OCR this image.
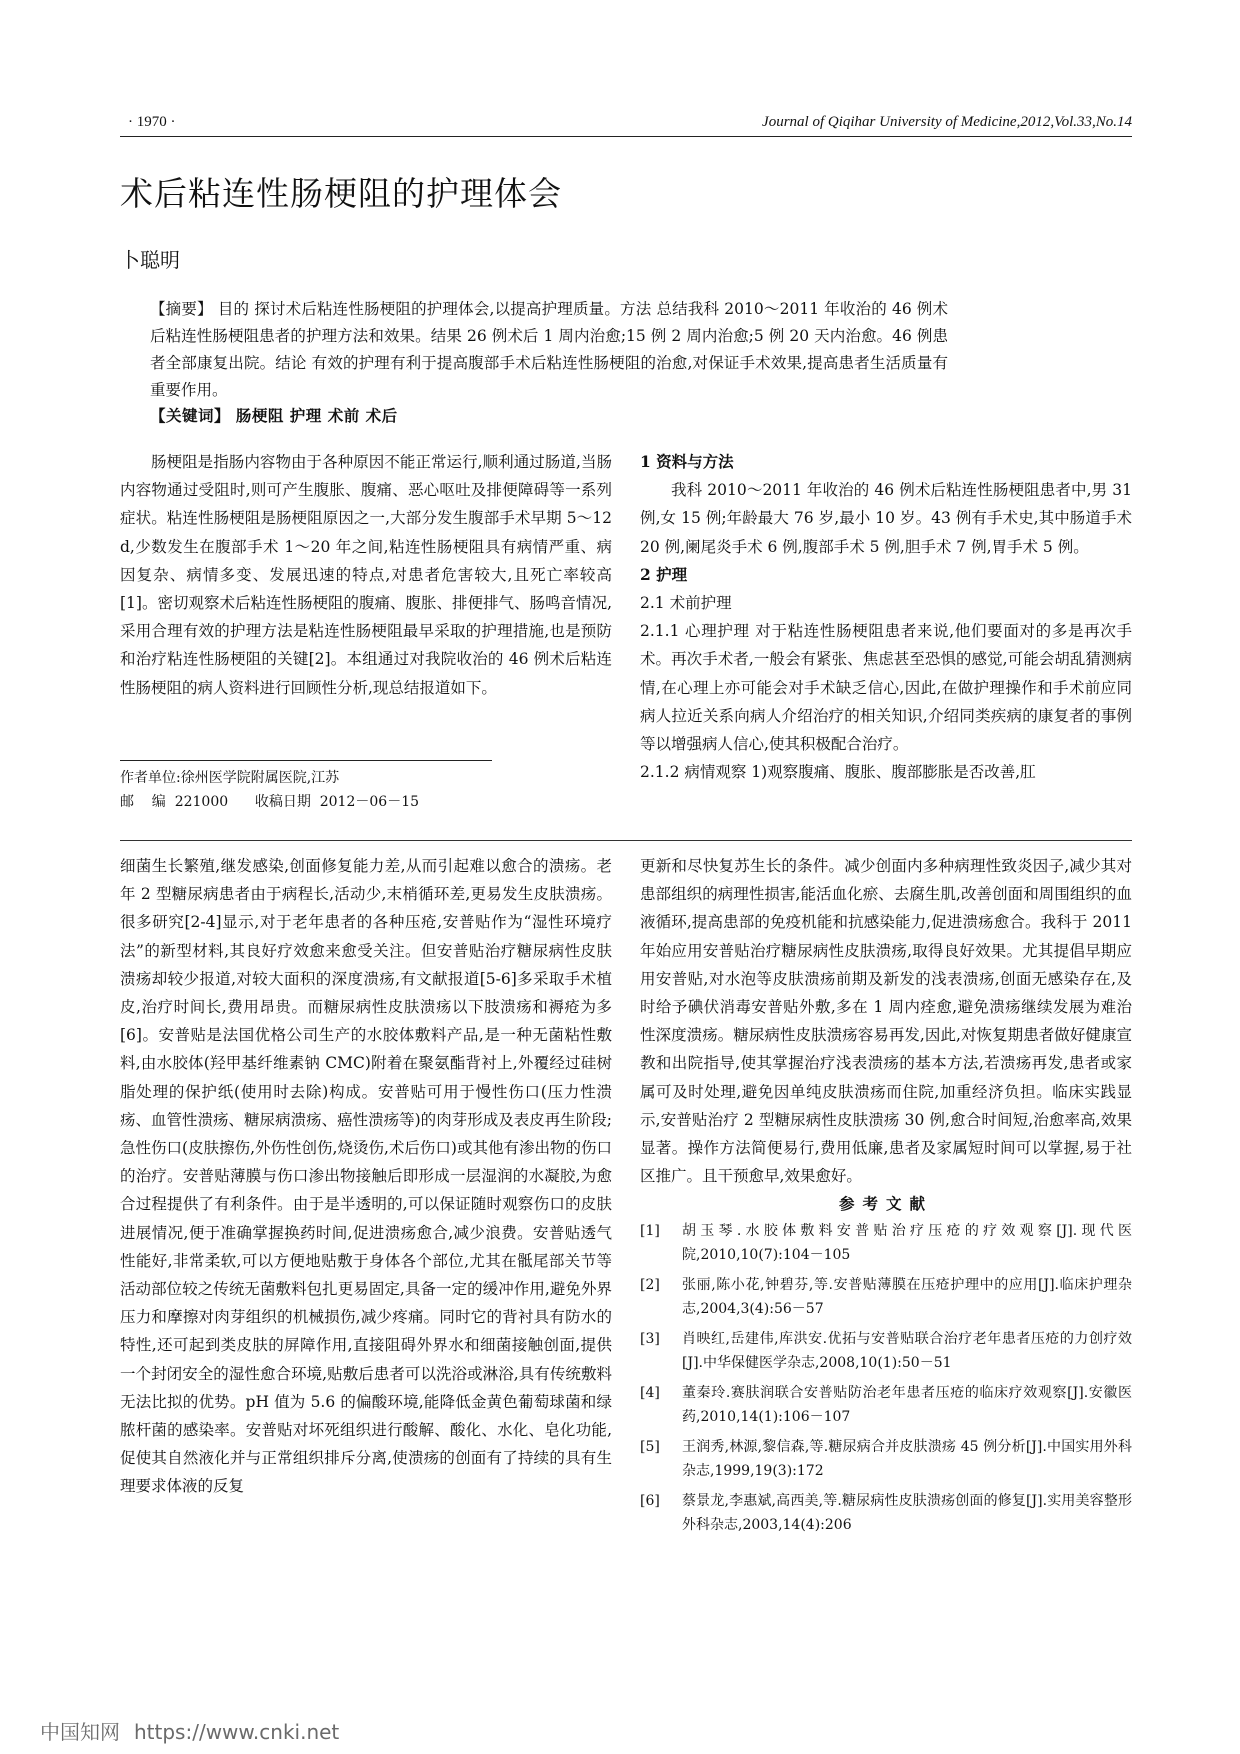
· 1970 ·	Journal of Qiqihar University of Medicine,2012,Vol.33,No.14
术后粘连性肠梗阻的护理体会
卜聪明
【摘要】 目的 探讨术后粘连性肠梗阻的护理体会,以提高护理质量。方法 总结我科 2010～2011 年收治的 46 例术后粘连性肠梗阻患者的护理方法和效果。结果 26 例术后 1 周内治愈;15 例 2 周内治愈;5 例 20 天内治愈。46 例患者全部康复出院。结论 有效的护理有利于提高腹部手术后粘连性肠梗阻的治愈,对保证手术效果,提高患者生活质量有重要作用。
【关键词】 肠梗阻 护理 术前 术后

肠梗阻是指肠内容物由于各种原因不能正常运行,顺利通过肠道,当肠内容物通过受阻时,则可产生腹胀、腹痛、恶心呕吐及排便障碍等一系列症状。粘连性肠梗阻是肠梗阻原因之一,大部分发生腹部手术早期 5～12 d,少数发生在腹部手术 1～20 年之间,粘连性肠梗阻具有病情严重、病因复杂、病情多变、发展迅速的特点,对患者危害较大,且死亡率较高[1]。密切观察术后粘连性肠梗阻的腹痛、腹胀、排便排气、肠鸣音情况,采用合理有效的护理方法是粘连性肠梗阻最早采取的护理措施,也是预防和治疗粘连性肠梗阻的关键[2]。本组通过对我院收治的 46 例术后粘连性肠梗阻的病人资料进行回顾性分析,现总结报道如下。

作者单位:徐州医学院附属医院,江苏
邮    编  221000      收稿日期  2012－06－15

1 资料与方法

我科 2010～2011 年收治的 46 例术后粘连性肠梗阻患者中,男 31 例,女 15 例;年龄最大 76 岁,最小 10 岁。43 例有手术史,其中肠道手术 20 例,阑尾炎手术 6 例,腹部手术 5 例,胆手术 7 例,胃手术 5 例。

2 护理

2.1 术前护理

2.1.1 心理护理 对于粘连性肠梗阻患者来说,他们要面对的多是再次手术。再次手术者,一般会有紧张、焦虑甚至恐惧的感觉,可能会胡乱猜测病情,在心理上亦可能会对手术缺乏信心,因此,在做护理操作和手术前应同病人拉近关系向病人介绍治疗的相关知识,介绍同类疾病的康复者的事例等以增强病人信心,使其积极配合治疗。

2.1.2 病情观察 1)观察腹痛、腹胀、腹部膨胀是否改善,肛

细菌生长繁殖,继发感染,创面修复能力差,从而引起难以愈合的溃疡。老年 2 型糖尿病患者由于病程长,活动少,末梢循环差,更易发生皮肤溃疡。很多研究[2-4]显示,对于老年患者的各种压疮,安普贴作为“湿性环境疗法”的新型材料,其良好疗效愈来愈受关注。但安普贴治疗糖尿病性皮肤溃疡却较少报道,对较大面积的深度溃疡,有文献报道[5-6]多采取手术植皮,治疗时间长,费用昂贵。而糖尿病性皮肤溃疡以下肢溃疡和褥疮为多[6]。安普贴是法国优格公司生产的水胶体敷料产品,是一种无菌粘性敷料,由水胶体(羟甲基纤维素钠 CMC)附着在聚氨酯背衬上,外覆经过硅树脂处理的保护纸(使用时去除)构成。安普贴可用于慢性伤口(压力性溃疡、血管性溃疡、糖尿病溃疡、癌性溃疡等)的肉芽形成及表皮再生阶段;急性伤口(皮肤擦伤,外伤性创伤,烧烫伤,术后伤口)或其他有渗出物的伤口的治疗。安普贴薄膜与伤口渗出物接触后即形成一层湿润的水凝胶,为愈合过程提供了有利条件。由于是半透明的,可以保证随时观察伤口的皮肤进展情况,便于准确掌握换药时间,促进溃疡愈合,减少浪费。安普贴透气性能好,非常柔软,可以方便地贴敷于身体各个部位,尤其在骶尾部关节等活动部位较之传统无菌敷料包扎更易固定,具备一定的缓冲作用,避免外界压力和摩擦对肉芽组织的机械损伤,减少疼痛。同时它的背衬具有防水的特性,还可起到类皮肤的屏障作用,直接阻碍外界水和细菌接触创面,提供一个封闭安全的湿性愈合环境,贴敷后患者可以洗浴或淋浴,具有传统敷料无法比拟的优势。pH 值为 5.6 的偏酸环境,能降低金黄色葡萄球菌和绿脓杆菌的感染率。安普贴对坏死组织进行酸解、酸化、水化、皂化功能,促使其自然液化并与正常组织排斥分离,使溃疡的创面有了持续的具有生理要求体液的反复

更新和尽快复苏生长的条件。减少创面内多种病理性致炎因子,减少其对患部组织的病理性损害,能活血化瘀、去腐生肌,改善创面和周围组织的血液循环,提高患部的免疫机能和抗感染能力,促进溃疡愈合。我科于 2011 年始应用安普贴治疗糖尿病性皮肤溃疡,取得良好效果。尤其提倡早期应用安普贴,对水泡等皮肤溃疡前期及新发的浅表溃疡,创面无感染存在,及时给予碘伏消毒安普贴外敷,多在 1 周内痊愈,避免溃疡继续发展为难治性深度溃疡。糖尿病性皮肤溃疡容易再发,因此,对恢复期患者做好健康宣教和出院指导,使其掌握治疗浅表溃疡的基本方法,若溃疡再发,患者或家属可及时处理,避免因单纯皮肤溃疡而住院,加重经济负担。临床实践显示,安普贴治疗 2 型糖尿病性皮肤溃疡 30 例,愈合时间短,治愈率高,效果显著。操作方法简便易行,费用低廉,患者及家属短时间可以掌握,易于社区推广。且干预愈早,效果愈好。

参考文献

[1]	胡玉琴.水胶体敷料安普贴治疗压疮的疗效观察[J].现代医院,2010,10(7):104－105
[2]	张丽,陈小花,钟碧芬,等.安普贴薄膜在压疮护理中的应用[J].临床护理杂志,2004,3(4):56－57
[3]	肖映红,岳建伟,库洪安.优拓与安普贴联合治疗老年患者压疮的力创疗效[J].中华保健医学杂志,2008,10(1):50－51
[4]	董秦玲.赛肤润联合安普贴防治老年患者压疮的临床疗效观察[J].安徽医药,2010,14(1):106－107
[5]	王润秀,林源,黎信森,等.糖尿病合并皮肤溃疡 45 例分析[J].中国实用外科杂志,1999,19(3):172
[6]	蔡景龙,李惠斌,高西美,等.糖尿病性皮肤溃疡创面的修复[J].实用美容整形外科杂志,2003,14(4):206
中国知网 https://www.cnki.net
